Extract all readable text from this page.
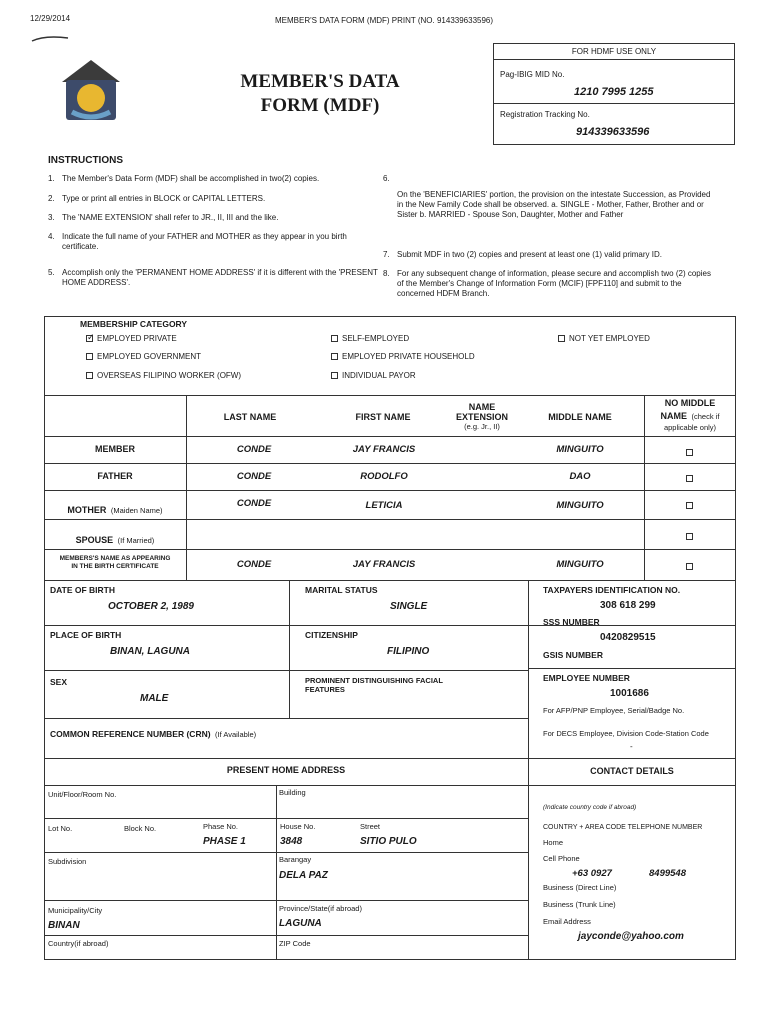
12/29/2014	MEMBER'S DATA FORM (MDF) PRINT (NO. 914339633596)
MEMBER'S DATA
FORM (MDF)
FOR HDMF USE ONLY
Pag-IBIG MID No.
1210 7995 1255
Registration Tracking No.
914339633596
INSTRUCTIONS
1. The Member's Data Form (MDF) shall be accomplished in two(2) copies.
2. Type or print all entries in BLOCK or CAPITAL LETTERS.
3. The 'NAME EXTENSION' shall refer to JR., II, III and the like.
4. Indicate the full name of your FATHER and MOTHER as they appear in you birth certificate.
5. Accomplish only the 'PERMANENT HOME ADDRESS' if it is different with the 'PRESENT HOME ADDRESS'.
6.
On the 'BENEFICIARIES' portion, the provision on the intestate Succession, as Provided in the New Family Code shall be observed. a. SINGLE - Mother, Father, Brother and or Sister b. MARRIED - Spouse Son, Daughter, Mother and Father
7. Submit MDF in two (2) copies and present at least one (1) valid primary ID.
8. For any subsequent change of information, please secure and accomplish two (2) copies of the Member's Change of Information Form (MCIF) [FPF110] and submit to the concerned HDFM Branch.
MEMBERSHIP CATEGORY
✓EMPLOYED PRIVATE
EMPLOYED GOVERNMENT
OVERSEAS FILIPINO WORKER (OFW)
SELF-EMPLOYED
EMPLOYED PRIVATE HOUSEHOLD
INDIVIDUAL PAYOR
NOT YET EMPLOYED
LAST NAME	FIRST NAME
NAME
EXTENSION
(e.g. Jr., II)
MIDDLE NAME
NO MIDDLE
NAME (check if
applicable only)
MEMBER	CONDE	JAY FRANCIS	MINGUITO
FATHER	CONDE	RODOLFO	DAO
MOTHER (Maiden Name)
CONDE	LETICIA	MINGUITO
SPOUSE (If Married)
MEMBERS'S NAME AS APPEARING
IN THE BIRTH CERTIFICATE	CONDE	JAY FRANCIS	MINGUITO
DATE OF BIRTH
OCTOBER 2, 1989
MARITAL STATUS
SINGLE
PLACE OF BIRTH
BINAN, LAGUNA
CITIZENSHIP
FILIPINO
SEX
MALE
PROMINENT DISTINGUISHING FACIAL
FEATURES
COMMON REFERENCE NUMBER (CRN) (If Available)
TAXPAYERS IDENTIFICATION NO.
308 618 299
SSS NUMBER
0420829515
GSIS NUMBER
EMPLOYEE NUMBER
1001686
For AFP/PNP Employee, Serial/Badge No.
For DECS Employee, Division Code-Station Code
-
PRESENT HOME ADDRESS	CONTACT DETAILS
Unit/Floor/Room No.	Building
Lot No.	Block No.	Phase No.
PHASE 1
House No.
3848
Street
SITIO PULO
Subdivision	Barangay
DELA PAZ
Municipality/City
BINAN
Province/State(if abroad)
LAGUNA
Country(if abroad)	ZIP Code
(Indicate country code if abroad)
COUNTRY + AREA CODE TELEPHONE NUMBER
Home
Cell Phone
+63 0927	8499548
Business (Direct Line)
Business (Trunk Line)
Email Address
jayconde@yahoo.com
